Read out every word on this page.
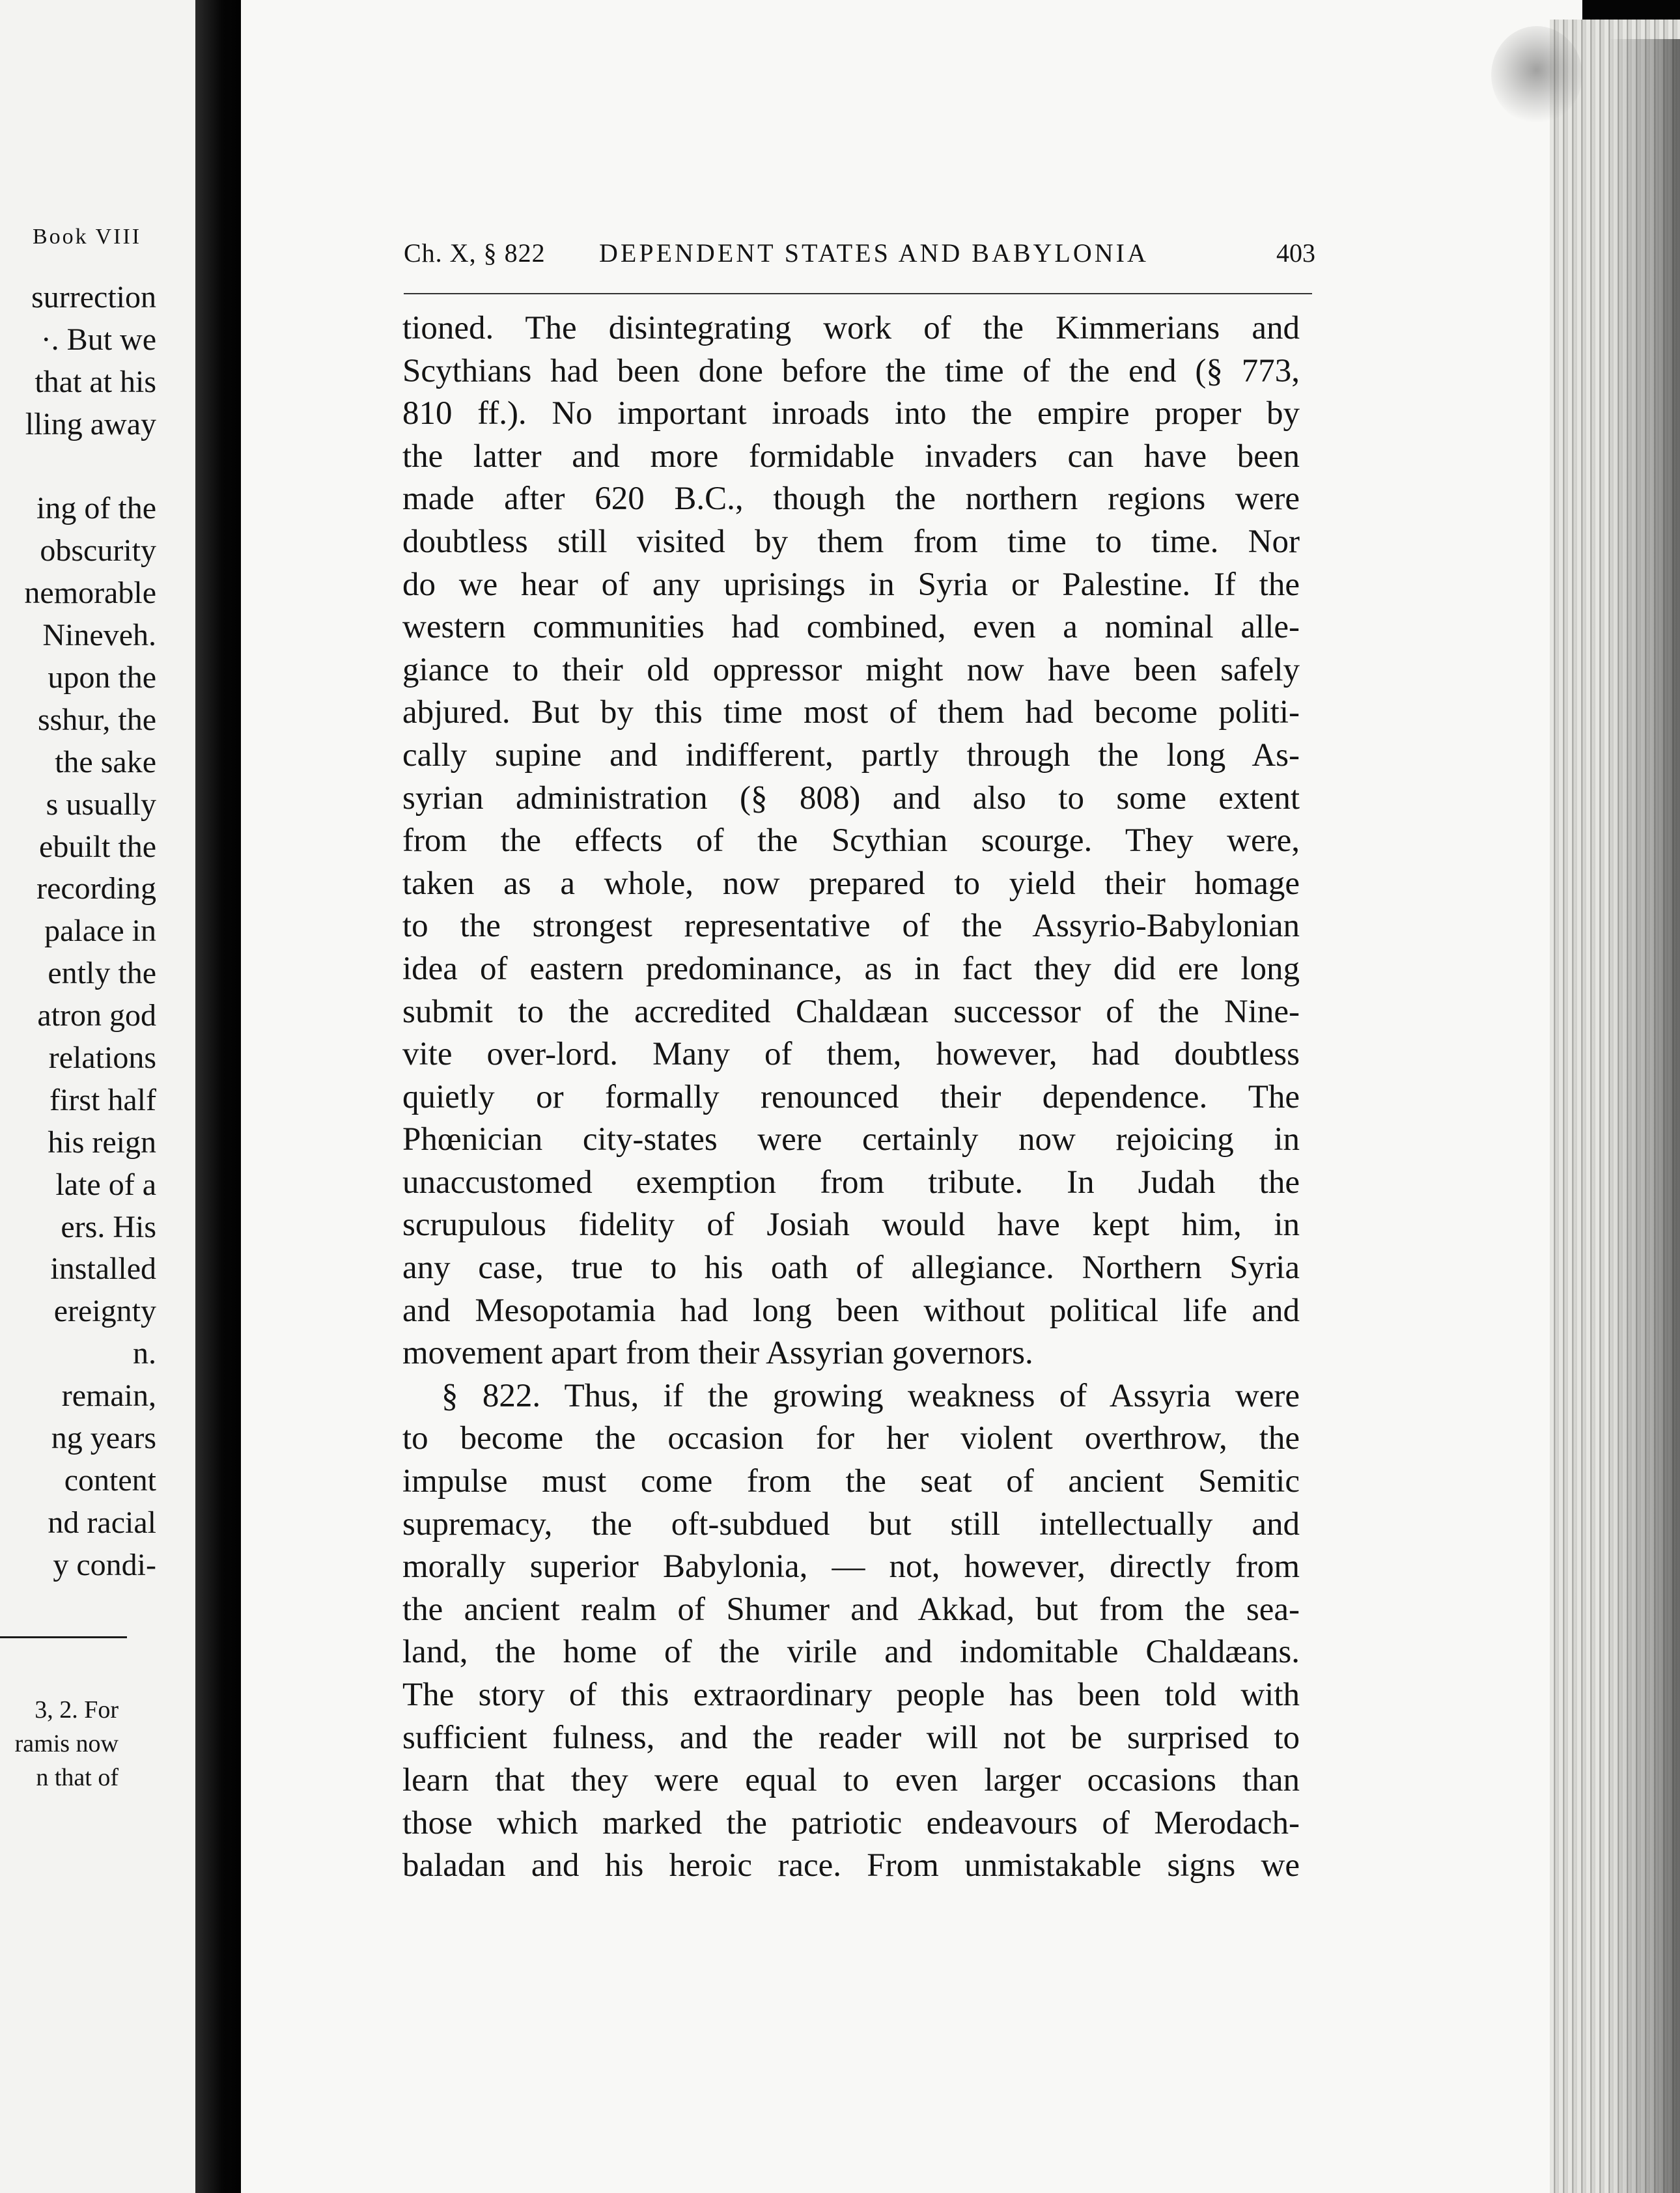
Book VIII
surrection
·. But we
that at his
lling away
ing of the
obscurity
nemorable
Nineveh.
upon the
sshur, the
the sake
s usually
ebuilt the
recording
palace in
ently the
atron god
relations
first half
his reign
late of a
ers. His
installed
ereignty
n.
remain,
ng years
content
nd racial
y condi-
3, 2. For
ramis now
n that of
Ch. X, § 822 DEPENDENT STATES AND BABYLONIA	403
tioned. The disintegrating work of the Kimmerians and
Scythians had been done before the time of the end (§ 773,
810 ff.). No important inroads into the empire proper by
the latter and more formidable invaders can have been
made after 620 B.C., though the northern regions were
doubtless still visited by them from time to time. Nor
do we hear of any uprisings in Syria or Palestine. If the
western communities had combined, even a nominal alle-
giance to their old oppressor might now have been safely
abjured. But by this time most of them had become politi-
cally supine and indifferent, partly through the long As-
syrian administration (§ 808) and also to some extent
from the effects of the Scythian scourge. They were,
taken as a whole, now prepared to yield their homage
to the strongest representative of the Assyrio-Babylonian
idea of eastern predominance, as in fact they did ere long
submit to the accredited Chaldæan successor of the Nine-
vite over-lord. Many of them, however, had doubtless
quietly or formally renounced their dependence. The
Phœnician city-states were certainly now rejoicing in
unaccustomed exemption from tribute. In Judah the
scrupulous fidelity of Josiah would have kept him, in
any case, true to his oath of allegiance. Northern Syria
and Mesopotamia had long been without political life and
movement apart from their Assyrian governors.
§ 822. Thus, if the growing weakness of Assyria were
to become the occasion for her violent overthrow, the
impulse must come from the seat of ancient Semitic
supremacy, the oft-subdued but still intellectually and
morally superior Babylonia, — not, however, directly from
the ancient realm of Shumer and Akkad, but from the sea-
land, the home of the virile and indomitable Chaldæans.
The story of this extraordinary people has been told with
sufficient fulness, and the reader will not be surprised to
learn that they were equal to even larger occasions than
those which marked the patriotic endeavours of Merodach-
baladan and his heroic race. From unmistakable signs we
